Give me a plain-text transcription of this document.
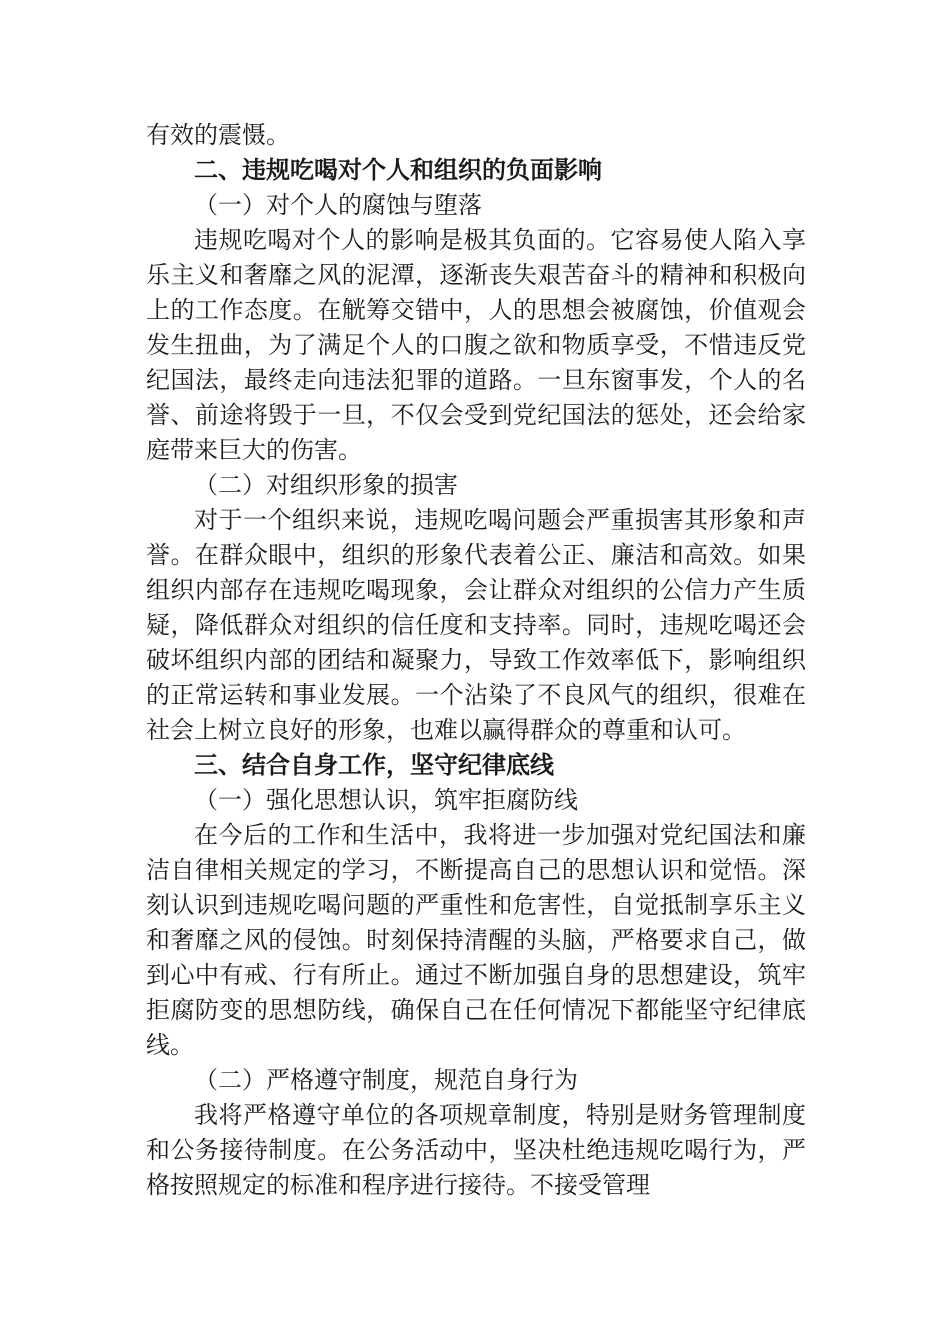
有效的震慑。

二、违规吃喝对个人和组织的负面影响

（一）对个人的腐蚀与堕落

违规吃喝对个人的影响是极其负面的。它容易使人陷入享乐主义和奢靡之风的泥潭，逐渐丧失艰苦奋斗的精神和积极向上的工作态度。在觥筹交错中，人的思想会被腐蚀，价值观会发生扭曲，为了满足个人的口腹之欲和物质享受，不惜违反党纪国法，最终走向违法犯罪的道路。一旦东窗事发，个人的名誉、前途将毁于一旦，不仅会受到党纪国法的惩处，还会给家庭带来巨大的伤害。

（二）对组织形象的损害

对于一个组织来说，违规吃喝问题会严重损害其形象和声誉。在群众眼中，组织的形象代表着公正、廉洁和高效。如果组织内部存在违规吃喝现象，会让群众对组织的公信力产生质疑，降低群众对组织的信任度和支持率。同时，违规吃喝还会破坏组织内部的团结和凝聚力，导致工作效率低下，影响组织的正常运转和事业发展。一个沾染了不良风气的组织，很难在社会上树立良好的形象，也难以赢得群众的尊重和认可。

三、结合自身工作，坚守纪律底线

（一）强化思想认识，筑牢拒腐防线

在今后的工作和生活中，我将进一步加强对党纪国法和廉洁自律相关规定的学习，不断提高自己的思想认识和觉悟。深刻认识到违规吃喝问题的严重性和危害性，自觉抵制享乐主义和奢靡之风的侵蚀。时刻保持清醒的头脑，严格要求自己，做到心中有戒、行有所止。通过不断加强自身的思想建设，筑牢拒腐防变的思想防线，确保自己在任何情况下都能坚守纪律底线。

（二）严格遵守制度，规范自身行为

我将严格遵守单位的各项规章制度，特别是财务管理制度和公务接待制度。在公务活动中，坚决杜绝违规吃喝行为，严格按照规定的标准和程序进行接待。不接受管理
